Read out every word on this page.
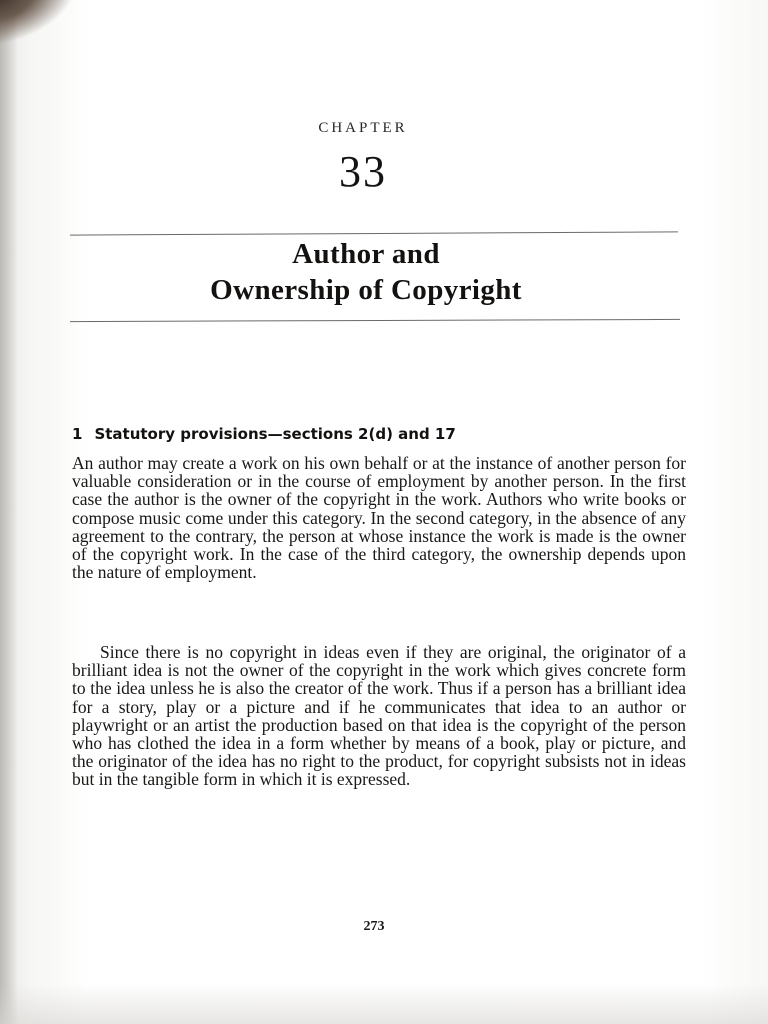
CHAPTER
33
Author and
Ownership of Copyright
1 Statutory provisions—sections 2(d) and 17

An author may create a work on his own behalf or at the instance of another person for valuable consideration or in the course of employment by another person. In the first case the author is the owner of the copyright in the work. Authors who write books or compose music come under this category. In the second category, in the absence of any agreement to the contrary, the person at whose instance the work is made is the owner of the copyright work. In the case of the third category, the ownership depends upon the nature of employment.

Since there is no copyright in ideas even if they are original, the originator of a brilliant idea is not the owner of the copyright in the work which gives concrete form to the idea unless he is also the creator of the work. Thus if a person has a brilliant idea for a story, play or a picture and if he communicates that idea to an author or playwright or an artist the production based on that idea is the copyright of the person who has clothed the idea in a form whether by means of a book, play or picture, and the originator of the idea has no right to the product, for copyright subsists not in ideas but in the tangible form in which it is expressed.

273
